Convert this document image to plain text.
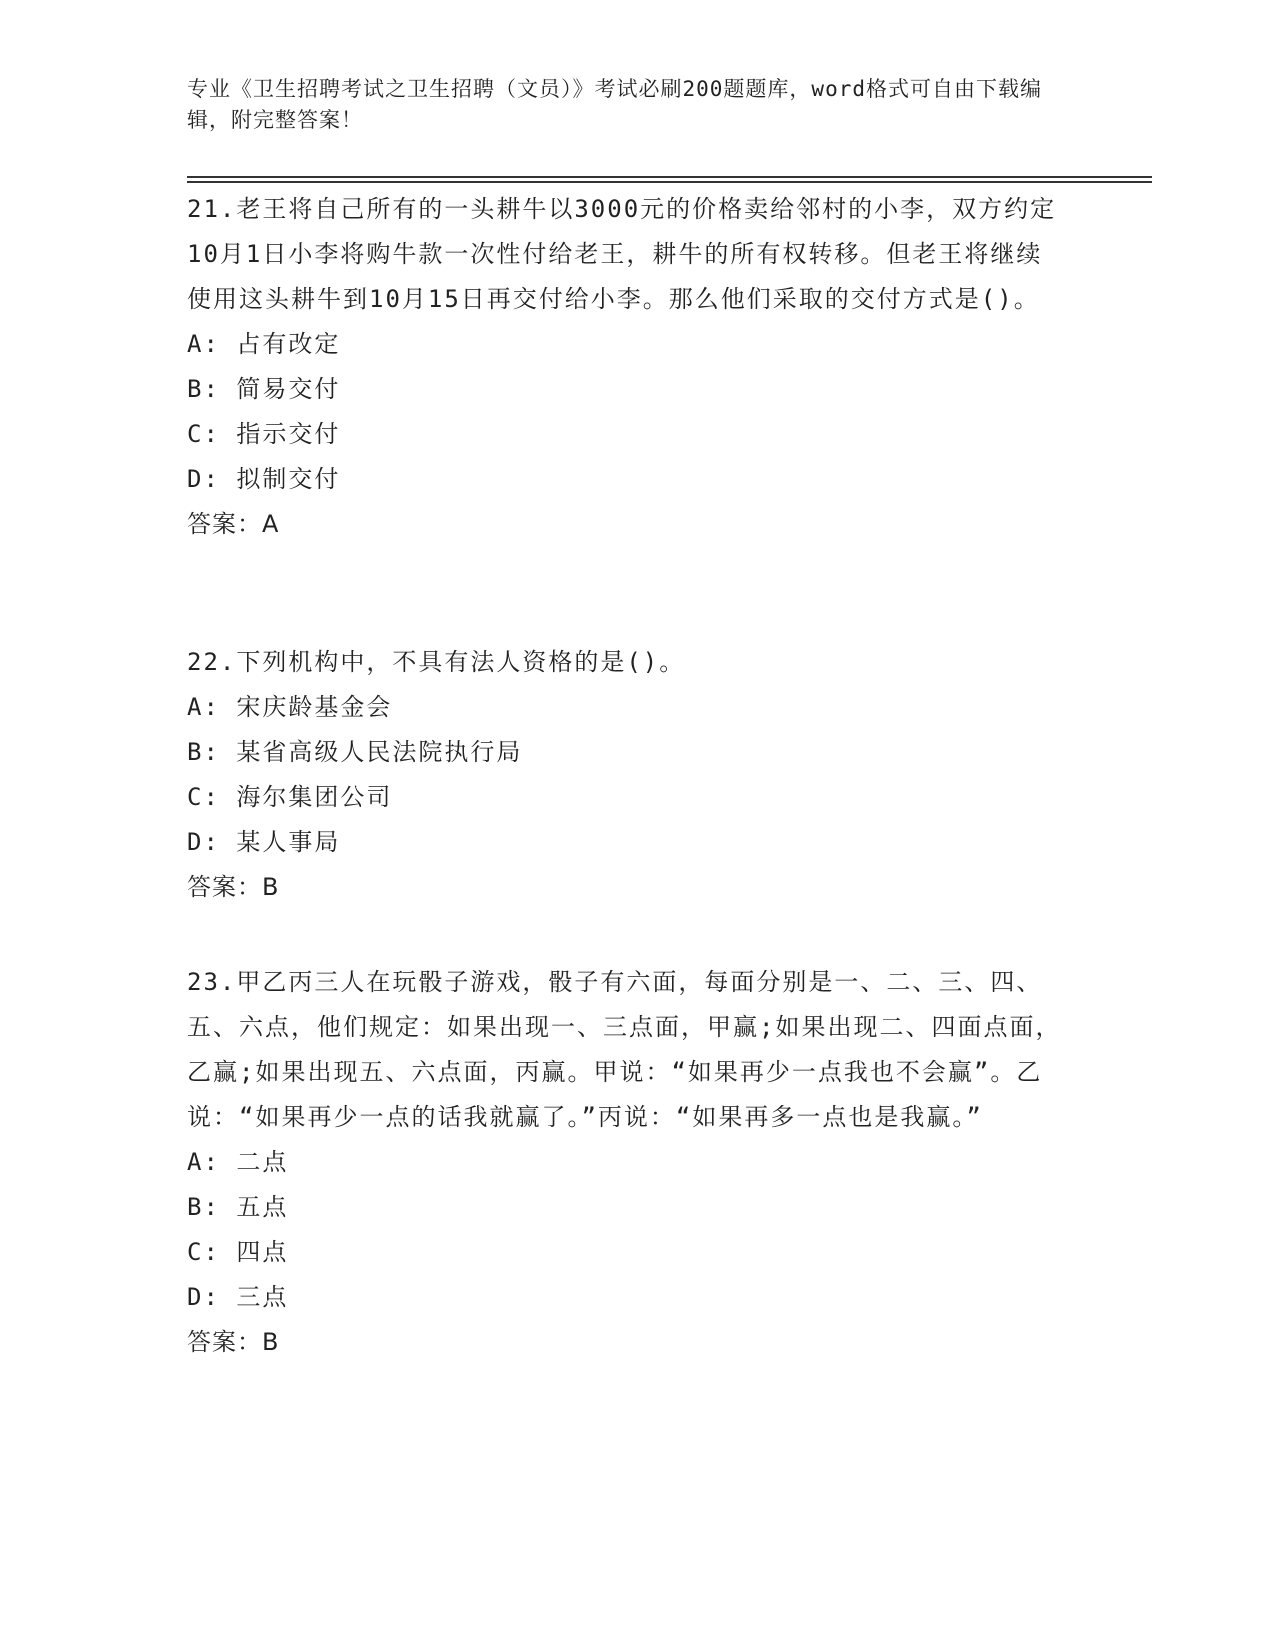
专业《卫生招聘考试之卫生招聘（文员）》考试必刷200题题库，word格式可自由下载编辑，附完整答案！
21.老王将自己所有的一头耕牛以3000元的价格卖给邻村的小李，双方约定10月1日小李将购牛款一次性付给老王，耕牛的所有权转移。但老王将继续使用这头耕牛到10月15日再交付给小李。那么他们采取的交付方式是()。
A: 占有改定
B: 简易交付
C: 指示交付
D: 拟制交付
答案：A
22.下列机构中，不具有法人资格的是()。
A: 宋庆龄基金会
B: 某省高级人民法院执行局
C: 海尔集团公司
D: 某人事局
答案：B
23.甲乙丙三人在玩骰子游戏，骰子有六面，每面分别是一、二、三、四、五、六点，他们规定：如果出现一、三点面，甲赢;如果出现二、四面点面，乙赢;如果出现五、六点面，丙赢。甲说：“如果再少一点我也不会赢”。乙说：“如果再少一点的话我就赢了。”丙说：“如果再多一点也是我赢。”
A: 二点
B: 五点
C: 四点
D: 三点
答案：B
